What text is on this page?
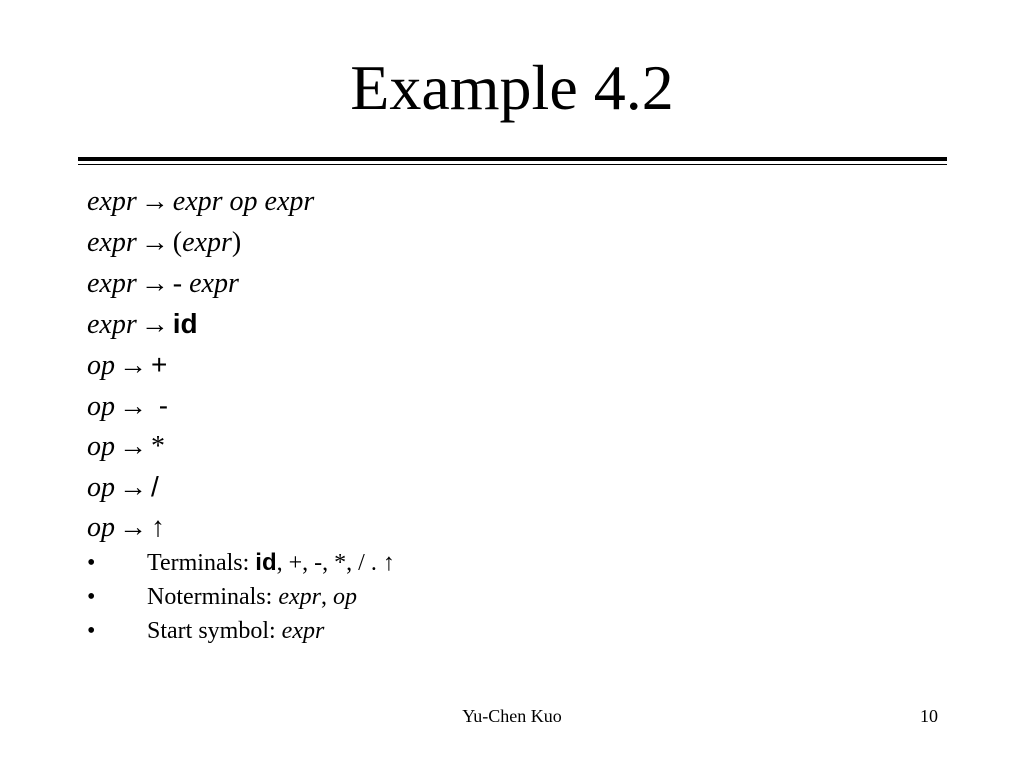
Example 4.2
expr → expr op expr
expr → (expr)
expr → - expr
expr → id
op → +
op → -
op → *
op → /
op → ↑
• Terminals: id, +, -, *, / . ↑
• Noterminals: expr, op
• Start symbol: expr
Yu-Chen Kuo	10
